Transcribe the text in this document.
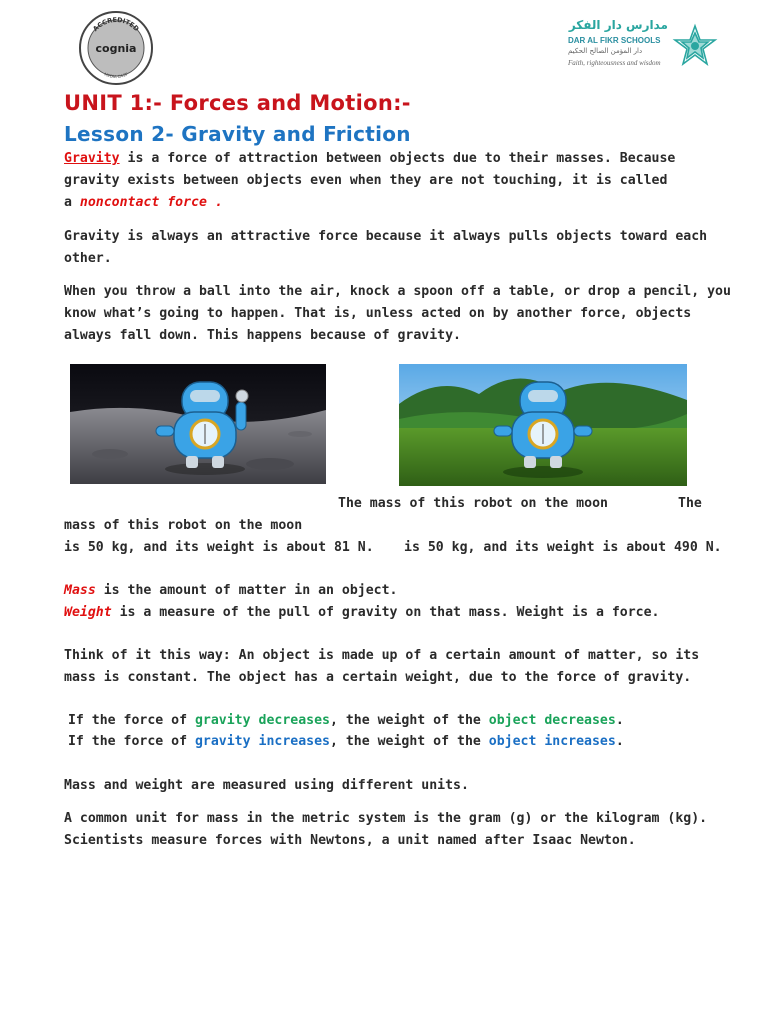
ACCREDITED
MEDIA CAST
cognia
مدارس دار الفكر
DAR AL FIKR SCHOOLS
دار المؤمن الصالح الحكيم
Faith, righteousness and wisdom
UNIT 1:- Forces and Motion:-
Lesson 2- Gravity and Friction
Gravity is a force of attraction between objects due to their masses. Because
gravity exists between objects even when they are not touching, it is called
a noncontact force .
Gravity is always an attractive force because it always pulls objects toward each
other.
When you throw a ball into the air, knock a spoon off a table, or drop a pencil, you
know what’s going to happen. That is, unless acted on by another force, objects
always fall down. This happens because of gravity.
The mass of this robot on the moon	The
mass of this robot on the moon
is 50 kg, and its weight is about 81 N. is 50 kg, and its weight is about 490 N.
Mass is the amount of matter in an object.
Weight is a measure of the pull of gravity on that mass. Weight is a force.
Think of it this way: An object is made up of a certain amount of matter, so its
mass is constant. The object has a certain weight, due to the force of gravity.
If the force of gravity decreases, the weight of the object decreases.
If the force of gravity increases, the weight of the object increases.
Mass and weight are measured using different units.
A common unit for mass in the metric system is the gram (g) or the kilogram (kg).
Scientists measure forces with Newtons, a unit named after Isaac Newton.
